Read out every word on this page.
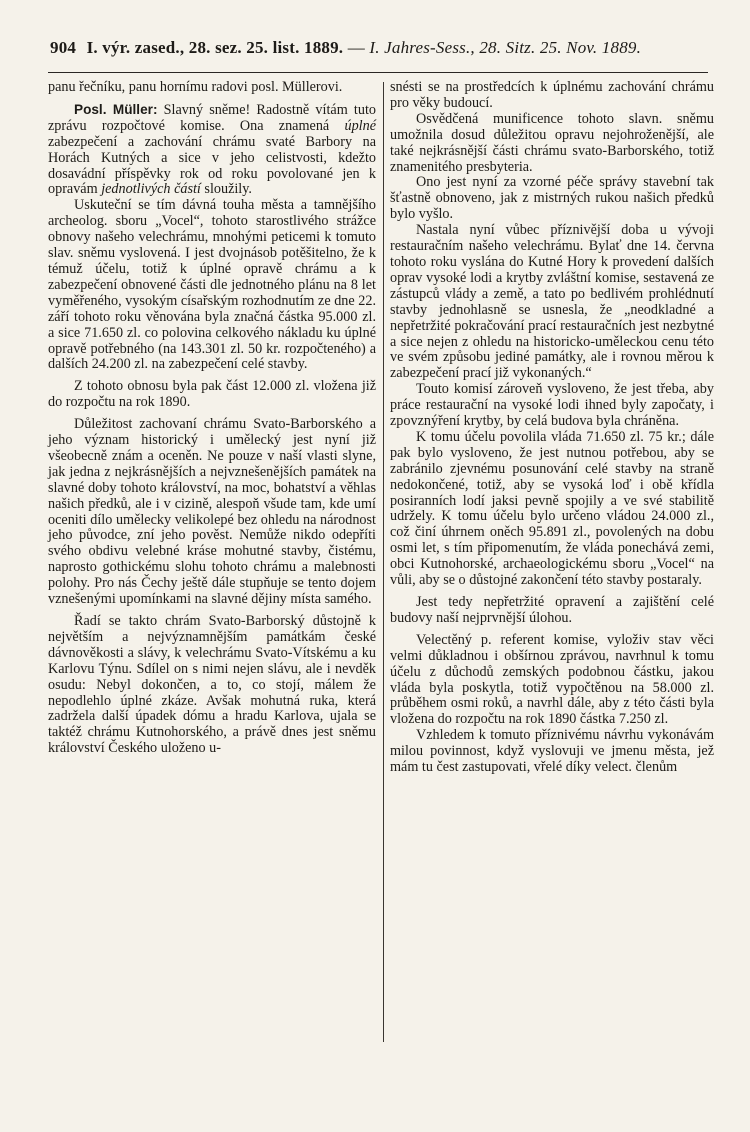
904 I. výr. zased., 28. sez. 25. list. 1889. — I. Jahres-Sess., 28. Sitz. 25. Nov. 1889.

panu řečníku, panu hornímu radovi posl. Müllerovi.

Posl. Müller: Slavný sněme! Radostně vítám tuto zprávu rozpočtové komise. Ona znamená úplné zabezpečení a zachování chrámu svaté Barbory na Horách Kutných a sice v jeho celistvosti, kdežto dosavádní příspěvky rok od roku povolované jen k opravám jednotlivých částí sloužily.

Uskuteční se tím dávná touha města a tamnějšího archeolog. sboru „Vocel“, tohoto starostlivého strážce obnovy našeho velechrámu, mnohými peticemi k tomuto slav. sněmu vyslovená. I jest dvojnásob potěšitelno, že k témuž účelu, totiž k úplné opravě chrámu a k zabezpečení obnovené části dle jednotného plánu na 8 let vyměřeného, vysokým císařským rozhodnutím ze dne 22. září tohoto roku věnována byla značná částka 95.000 zl. a sice 71.650 zl. co polovina celkového nákladu ku úplné opravě potřebného (na 143.301 zl. 50 kr. rozpočteného) a dalších 24.200 zl. na zabezpečení celé stavby.

Z tohoto obnosu byla pak část 12.000 zl. vložena již do rozpočtu na rok 1890.

Důležitost zachovaní chrámu Svato-Barborského a jeho význam historický i umělecký jest nyní již všeobecně znám a oceněn. Ne pouze v naší vlasti slyne, jak jedna z nejkrásnějších a nejvznešenějších památek na slavné doby tohoto království, na moc, bohatství a věhlas našich předků, ale i v cizině, alespoň všude tam, kde umí oceniti dílo umělecky velikolepé bez ohledu na národnost jeho původce, zní jeho pověst. Nemůže nikdo odepříti svého obdivu velebné kráse mohutné stavby, čistému, naprosto gothickému slohu tohoto chrámu a malebnosti polohy. Pro nás Čechy ještě dále stupňuje se tento dojem vznešenými upomínkami na slavné dějiny místa samého.

Řadí se takto chrám Svato-Barborský důstojně k největším a nejvýznamnějším památkám české dávnověkosti a slávy, k velechrámu Svato-Vítskému a ku Karlovu Týnu. Sdílel on s nimi nejen slávu, ale i nevděk osudu: Nebyl dokončen, a to, co stojí, málem že nepodlehlo úplné zkáze. Avšak mohutná ruka, která zadržela další úpadek dómu a hradu Karlova, ujala se taktéž chrámu Kutnohorského, a právě dnes jest sněmu království Českého uloženo u-

snésti se na prostředcích k úplnému zachování chrámu pro věky budoucí.

Osvědčená munificence tohoto slavn. sněmu umožnila dosud důležitou opravu nejohroženější, ale také nejkrásnější části chrámu svato-Barborského, totiž znamenitého presbyteria.

Ono jest nyní za vzorné péče správy stavební tak šťastně obnoveno, jak z mistrných rukou našich předků bylo vyšlo.

Nastala nyní vůbec příznivější doba u vývoji restauračním našeho velechrámu. Bylať dne 14. června tohoto roku vyslána do Kutné Hory k provedení dalších oprav vysoké lodi a krytby zvláštní komise, sestavená ze zástupců vlády a země, a tato po bedlivém prohlédnutí stavby jednohlasně se usnesla, že „neodkladné a nepřetržité pokračování prací restauračních jest nezbytné a sice nejen z ohledu na historicko-uměleckou cenu této ve svém způsobu jediné památky, ale i rovnou měrou k zabezpečení prací již vykonaných.“

Touto komisí zároveň vysloveno, že jest třeba, aby práce restaurační na vysoké lodi ihned byly započaty, i zpovznýření krytby, by celá budova byla chráněna.

K tomu účelu povolila vláda 71.650 zl. 75 kr.; dále pak bylo vysloveno, že jest nutnou potřebou, aby se zabránilo zjevnému posunování celé stavby na straně nedokončené, totiž, aby se vysoká loď i obě křídla posiranních lodí jaksi pevně spojily a ve své stabilitě udržely. K tomu účelu bylo určeno vládou 24.000 zl., což činí úhrnem oněch 95.891 zl., povolených na dobu osmi let, s tím připomenutím, že vláda ponechává zemi, obci Kutnohorské, archaeologickému sboru „Vocel“ na vůli, aby se o důstojné zakončení této stavby postaraly.

Jest tedy nepřetržité opravení a zajištění celé budovy naší nejprvnější úlohou.

Velectěný p. referent komise, vyloživ stav věci velmi důkladnou i obšírnou zprávou, navrhnul k tomu účelu z důchodů zemských podobnou částku, jakou vláda byla poskytla, totiž vypočtěnou na 58.000 zl. průběhem osmi roků, a navrhl dále, aby z této části byla vložena do rozpočtu na rok 1890 částka 7.250 zl.

Vzhledem k tomuto příznivému návrhu vykonávám milou povinnost, když vyslovuji ve jmenu města, jež mám tu čest zastupovati, vřelé díky velect. členům
